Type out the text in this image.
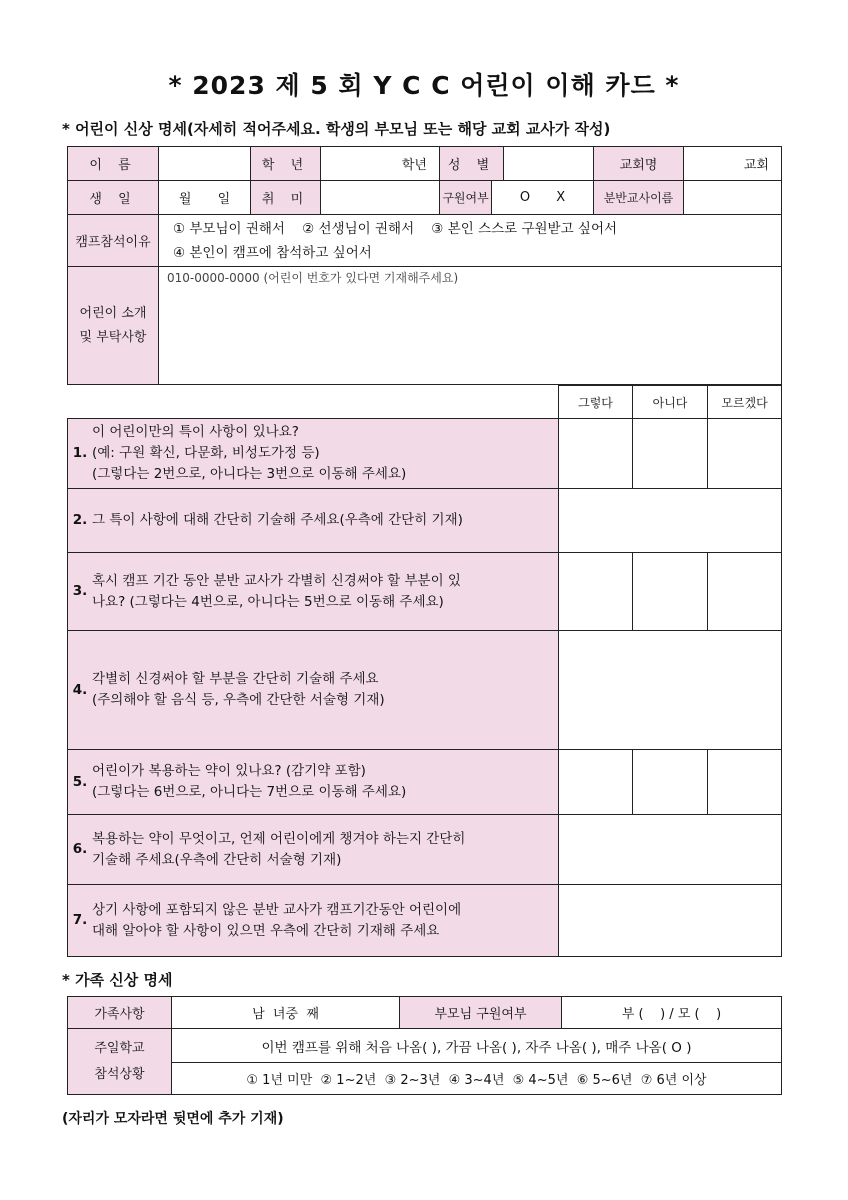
* 2023 제 5 회 Y C C 어린이 이해 카드 *
* 어린이 신상 명세(자세히 적어주세요. 학생의 부모님 또는 해당 교회 교사가 작성)
이 름		학 년	학년	성 별			교회명	교회
생 일	월 일	취 미		구원여부	O X		분반교사이름	
캠프참석이유	① 부모님이 권해서    ② 선생님이 권해서    ③ 본인 스스로 구원받고 싶어서
④ 본인이 캠프에 참석하고 싶어서							

어린이 소개
및 부탁사항	010-0000-0000 (어린이 번호가 있다면 기재해주세요)							
	그렇다	아니다	모르겠다
1.
이 어린이만의 특이 사항이 있나요?
(예: 구원 확신, 다문화, 비성도가정 등)
(그렇다는 2번으로, 아니다는 3번으로 이동해 주세요)			

2. 그 특이 사항에 대해 간단히 기술해 주세요(우측에 간단히 기재)			

3.
혹시 캠프 기간 동안 분반 교사가 각별히 신경써야 할 부분이 있
나요? (그렇다는 4번으로, 아니다는 5번으로 이동해 주세요)			

4.
각별히 신경써야 할 부분을 간단히 기술해 주세요
(주의해야 할 음식 등, 우측에 간단한 서술형 기재)			

5.
어린이가 복용하는 약이 있나요? (감기약 포함)
(그렇다는 6번으로, 아니다는 7번으로 이동해 주세요)			

6.
복용하는 약이 무엇이고, 언제 어린이에게 챙겨야 하는지 간단히
기술해 주세요(우측에 간단히 서술형 기재)			

7.
상기 사항에 포함되지 않은 분반 교사가 캠프기간동안 어린이에
대해 알아야 할 사항이 있으면 우측에 간단히 기재해 주세요			

* 가족 신상 명세
가족사항	남  녀중  째	부모님 구원여부	부 (    ) / 모 (    )

주일학교
참석상황	이번 캠프를 위해 처음 나옴( ), 가끔 나옴( ), 자주 나옴( ), 매주 나옴( O )		
	① 1년 미만  ② 1~2년  ③ 2~3년  ④ 3~4년  ⑤ 4~5년  ⑥ 5~6년  ⑦ 6년 이상		
(자리가 모자라면 뒷면에 추가 기재)
